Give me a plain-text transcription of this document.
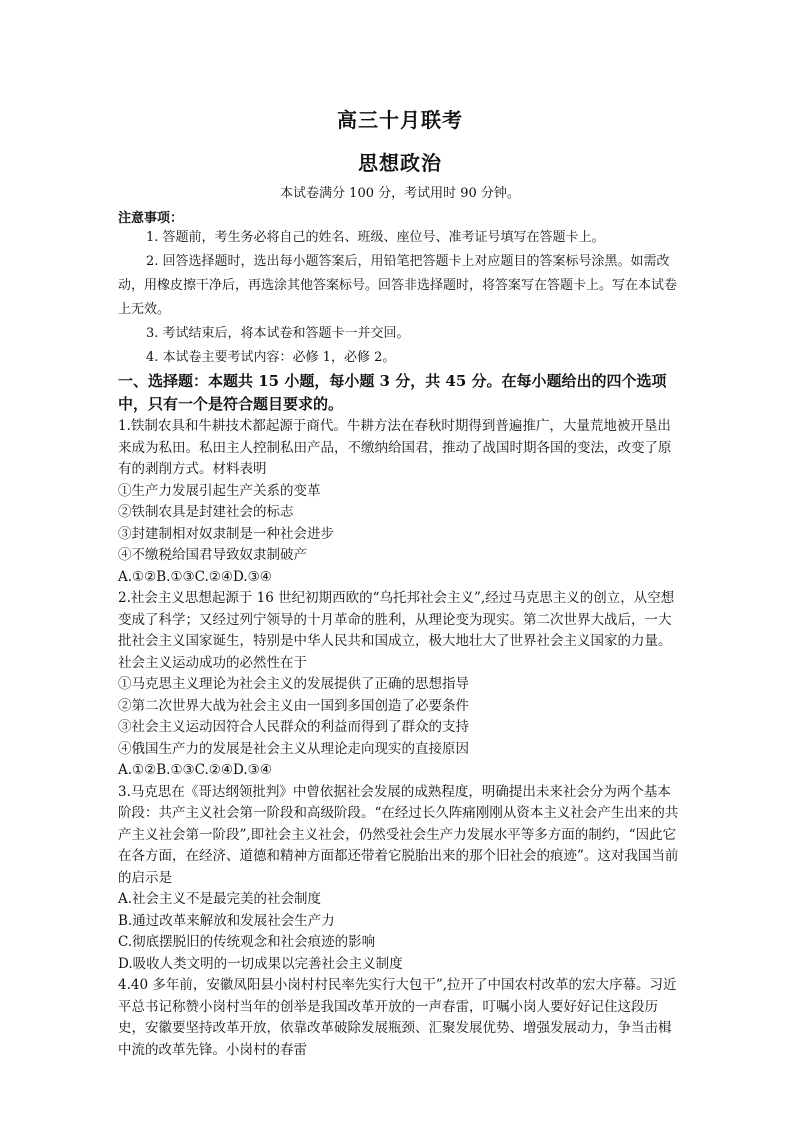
高三十月联考
思想政治
本试卷满分 100 分，考试用时 90 分钟。
注意事项：
1. 答题前，考生务必将自己的姓名、班级、座位号、准考证号填写在答题卡上。
2. 回答选择题时，选出每小题答案后，用铅笔把答题卡上对应题目的答案标号涂黑。如需改动，用橡皮擦干净后，再选涂其他答案标号。回答非选择题时，将答案写在答题卡上。写在本试卷上无效。
3. 考试结束后，将本试卷和答题卡一并交回。
4. 本试卷主要考试内容：必修 1，必修 2。
一、选择题：本题共 15 小题，每小题 3 分，共 45 分。在每小题给出的四个选项中，只有一个是符合题目要求的。
1.铁制农具和牛耕技术都起源于商代。牛耕方法在春秋时期得到普遍推广，大量荒地被开垦出来成为私田。私田主人控制私田产品，不缴纳给国君，推动了战国时期各国的变法，改变了原有的剥削方式。材料表明
①生产力发展引起生产关系的变革
②铁制农具是封建社会的标志
③封建制相对奴隶制是一种社会进步
④不缴税给国君导致奴隶制破产
A.①②B.①③C.②④D.③④
2.社会主义思想起源于 16 世纪初期西欧的“乌托邦社会主义”,经过马克思主义的创立，从空想变成了科学；又经过列宁领导的十月革命的胜利，从理论变为现实。第二次世界大战后，一大批社会主义国家诞生，特别是中华人民共和国成立，极大地壮大了世界社会主义国家的力量。社会主义运动成功的必然性在于
①马克思主义理论为社会主义的发展提供了正确的思想指导
②第二次世界大战为社会主义由一国到多国创造了必要条件
③社会主义运动因符合人民群众的利益而得到了群众的支持
④俄国生产力的发展是社会主义从理论走向现实的直接原因
A.①②B.①③C.②④D.③④
3.马克思在《哥达纲领批判》中曾依据社会发展的成熟程度，明确提出未来社会分为两个基本阶段：共产主义社会第一阶段和高级阶段。“在经过长久阵痛刚刚从资本主义社会产生出来的共产主义社会第一阶段”,即社会主义社会，仍然受社会生产力发展水平等多方面的制约，“因此它在各方面，在经济、道德和精神方面都还带着它脱胎出来的那个旧社会的痕迹”。这对我国当前的启示是
A.社会主义不是最完美的社会制度
B.通过改革来解放和发展社会生产力
C.彻底摆脱旧的传统观念和社会痕迹的影响
D.吸收人类文明的一切成果以完善社会主义制度
4.40 多年前，安徽凤阳县小岗村村民率先实行大包干”,拉开了中国农村改革的宏大序幕。习近平总书记称赞小岗村当年的创举是我国改革开放的一声春雷，叮嘱小岗人要好好记住这段历史，安徽要坚持改革开放，依靠改革破除发展瓶颈、汇聚发展优势、增强发展动力，争当击楫中流的改革先锋。小岗村的春雷
